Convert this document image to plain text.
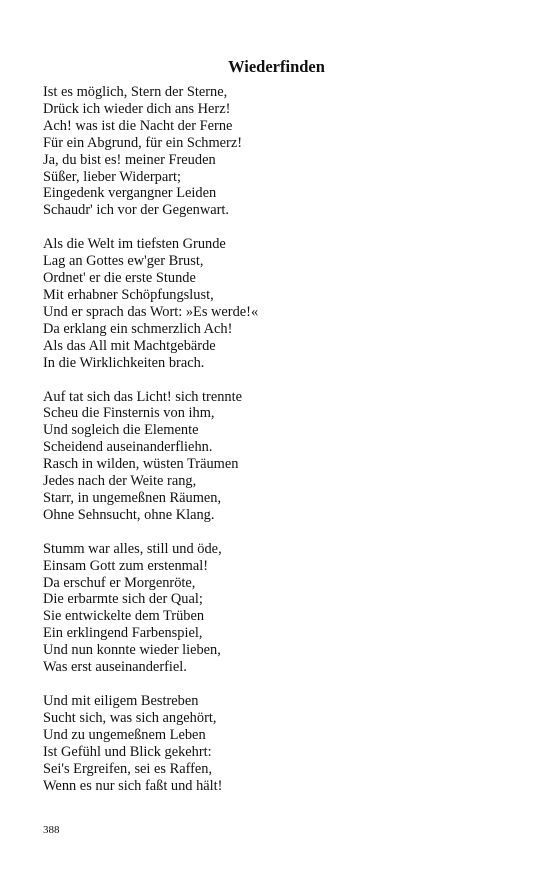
Wiederfinden
Ist es möglich, Stern der Sterne,
Drück ich wieder dich ans Herz!
Ach! was ist die Nacht der Ferne
Für ein Abgrund, für ein Schmerz!
Ja, du bist es! meiner Freuden
Süßer, lieber Widerpart;
Eingedenk vergangner Leiden
Schaudr' ich vor der Gegenwart.
Als die Welt im tiefsten Grunde
Lag an Gottes ew'ger Brust,
Ordnet' er die erste Stunde
Mit erhabner Schöpfungslust,
Und er sprach das Wort: »Es werde!«
Da erklang ein schmerzlich Ach!
Als das All mit Machtgebärde
In die Wirklichkeiten brach.
Auf tat sich das Licht! sich trennte
Scheu die Finsternis von ihm,
Und sogleich die Elemente
Scheidend auseinanderfliehn.
Rasch in wilden, wüsten Träumen
Jedes nach der Weite rang,
Starr, in ungemeßnen Räumen,
Ohne Sehnsucht, ohne Klang.
Stumm war alles, still und öde,
Einsam Gott zum erstenmal!
Da erschuf er Morgenröte,
Die erbarmte sich der Qual;
Sie entwickelte dem Trüben
Ein erklingend Farbenspiel,
Und nun konnte wieder lieben,
Was erst auseinanderfiel.
Und mit eiligem Bestreben
Sucht sich, was sich angehört,
Und zu ungemeßnem Leben
Ist Gefühl und Blick gekehrt:
Sei's Ergreifen, sei es Raffen,
Wenn es nur sich faßt und hält!
388
